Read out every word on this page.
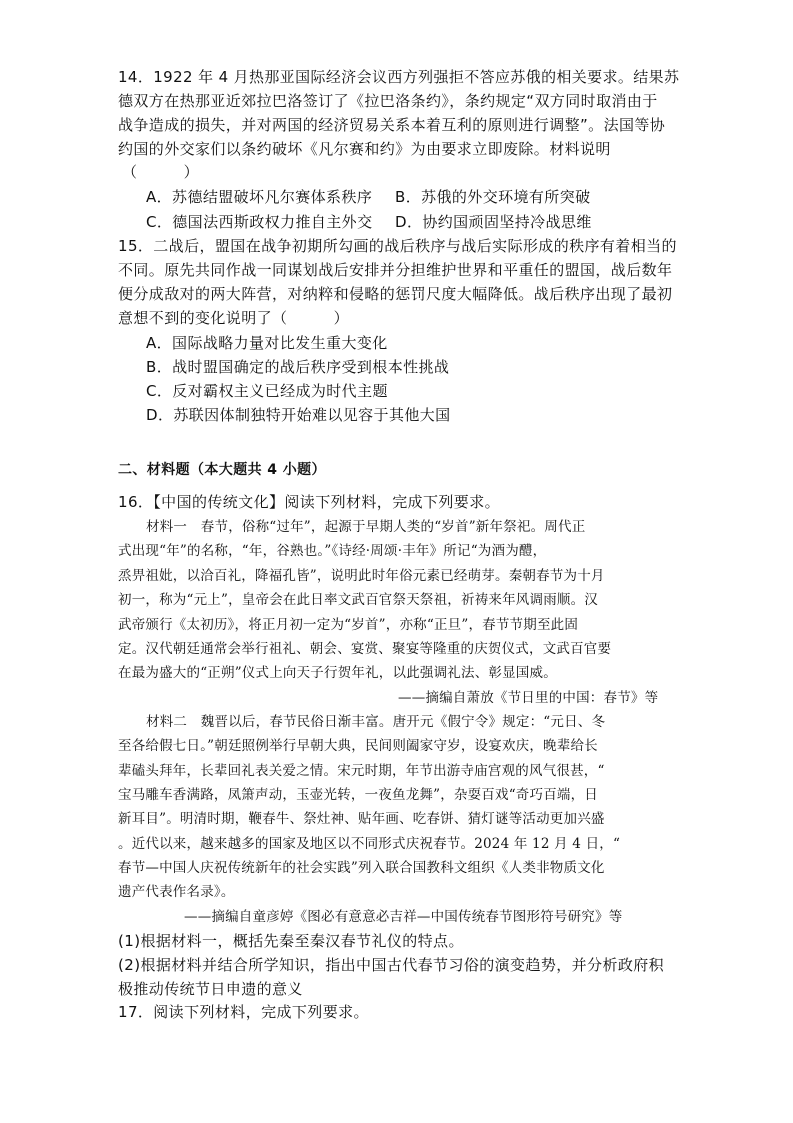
14．1922 年 4 月热那亚国际经济会议西方列强拒不答应苏俄的相关要求。结果苏
德双方在热那亚近郊拉巴洛签订了《拉巴洛条约》，条约规定“双方同时取消由于
战争造成的损失，并对两国的经济贸易关系本着互利的原则进行调整”。法国等协
约国的外交家们以条约破坏《凡尔赛和约》为由要求立即废除。材料说明
（　　　）
A．苏德结盟破坏凡尔赛体系秩序 B．苏俄的外交环境有所突破
C．德国法西斯政权力推自主外交 D．协约国顽固坚持冷战思维
15．二战后，盟国在战争初期所勾画的战后秩序与战后实际形成的秩序有着相当的
不同。原先共同作战一同谋划战后安排并分担维护世界和平重任的盟国，战后数年
便分成敌对的两大阵营，对纳粹和侵略的惩罚尺度大幅降低。战后秩序出现了最初
意想不到的变化说明了（　　　）
A．国际战略力量对比发生重大变化
B．战时盟国确定的战后秩序受到根本性挑战
C．反对霸权主义已经成为时代主题
D．苏联因体制独特开始难以见容于其他大国
二、材料题（本大题共 4 小题）
16．【中国的传统文化】阅读下列材料，完成下列要求。
材料一　春节，俗称“过年”，起源于早期人类的“岁首”新年祭祀。周代正
式出现“年”的名称，“年，谷熟也。”《诗经·周颂·丰年》所记“为酒为醴，
烝畀祖妣，以洽百礼，降福孔皆”，说明此时年俗元素已经萌芽。秦朝春节为十月
初一，称为“元上”，皇帝会在此日率文武百官祭天祭祖，祈祷来年风调雨顺。汉
武帝颁行《太初历》，将正月初一定为“岁首”，亦称“正旦”，春节节期至此固
定。汉代朝廷通常会举行祖礼、朝会、宴赏、聚宴等隆重的庆贺仪式，文武百官要
在最为盛大的“正朔”仪式上向天子行贺年礼，以此强调礼法、彰显国威。
——摘编自萧放《节日里的中国：春节》等
材料二　魏晋以后，春节民俗日渐丰富。唐开元《假宁令》规定：“元日、冬
至各给假七日。”朝廷照例举行早朝大典，民间则阖家守岁，设宴欢庆，晚辈给长
辈磕头拜年，长辈回礼表关爱之情。宋元时期，年节出游寺庙宫观的风气很甚，“
宝马雕车香满路，凤箫声动，玉壶光转，一夜鱼龙舞”，杂耍百戏“奇巧百端，日
新耳目”。明清时期，鞭春牛、祭灶神、贴年画、吃春饼、猜灯谜等活动更加兴盛
。近代以来，越来越多的国家及地区以不同形式庆祝春节。2024 年 12 月 4 日，“
春节—中国人庆祝传统新年的社会实践”列入联合国教科文组织《人类非物质文化
遗产代表作名录》。
——摘编自童彦婷《图必有意意必吉祥—中国传统春节图形符号研究》等
(1)根据材料一，概括先秦至秦汉春节礼仪的特点。
(2)根据材料并结合所学知识，指出中国古代春节习俗的演变趋势，并分析政府积
极推动传统节日申遗的意义
17．阅读下列材料，完成下列要求。
